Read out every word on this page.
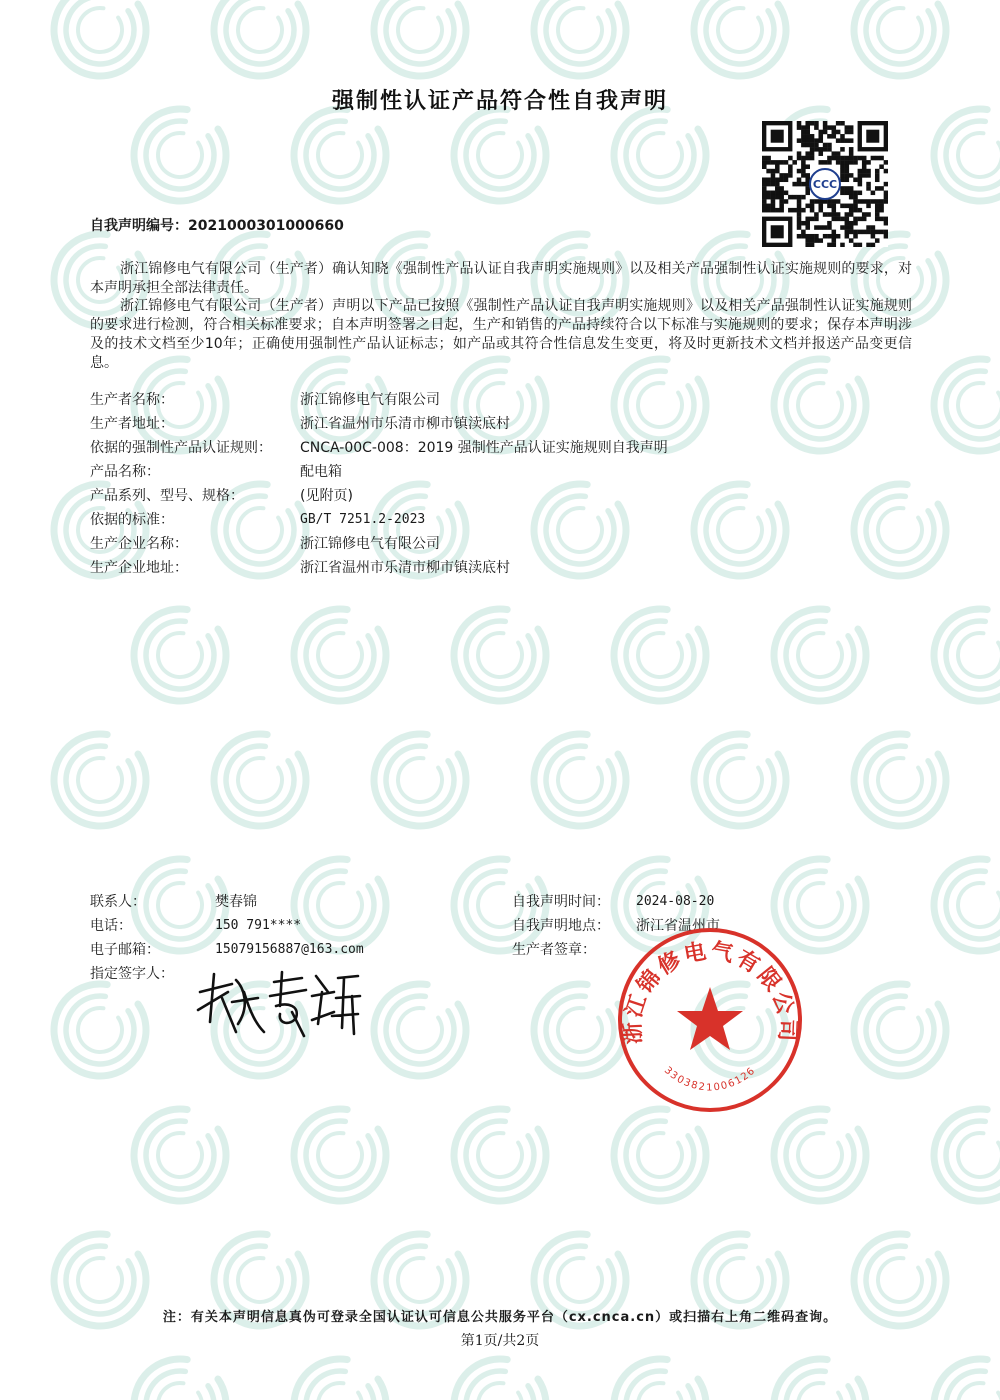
强制性认证产品符合性自我声明
CCC
自我声明编号：2021000301000660
浙江锦修电气有限公司（生产者）确认知晓《强制性产品认证自我声明实施规则》以及相关产品强制性认证实施规则的要求，对本声明承担全部法律责任。
浙江锦修电气有限公司（生产者）声明以下产品已按照《强制性产品认证自我声明实施规则》以及相关产品强制性认证实施规则的要求进行检测，符合相关标准要求；自本声明签署之日起，生产和销售的产品持续符合以下标准与实施规则的要求；保存本声明涉及的技术文档至少10年；正确使用强制性产品认证标志；如产品或其符合性信息发生变更，将及时更新技术文档并报送产品变更信息。
生产者名称：	浙江锦修电气有限公司
生产者地址：	浙江省温州市乐清市柳市镇渎底村
依据的强制性产品认证规则： CNCA-00C-008：2019 强制性产品认证实施规则自我声明
产品名称：	配电箱
产品系列、型号、规格：	(见附页)
依据的标准：	GB/T 7251.2-2023
生产企业名称：	浙江锦修电气有限公司
生产企业地址：	浙江省温州市乐清市柳市镇渎底村
联系人：	樊春锦
电话：	150 791****
电子邮箱：	15079156887@163.com
指定签字人：
自我声明时间： 2024-08-20
自我声明地点： 浙江省温州市
生产者签章：
浙江锦修电气有限公司
3303821006126
注：有关本声明信息真伪可登录全国认证认可信息公共服务平台（cx.cnca.cn）或扫描右上角二维码查询。
第1页/共2页
